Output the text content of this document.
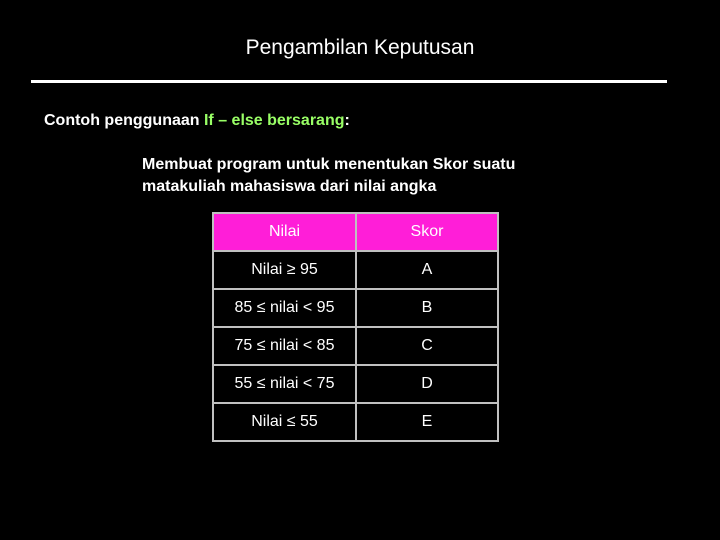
Pengambilan Keputusan
Contoh penggunaan If – else bersarang:
Membuat program untuk menentukan Skor suatu
matakuliah mahasiswa dari nilai angka
Nilai	Skor
Nilai ≥ 95	A
85 ≤ nilai < 95	B
75 ≤ nilai < 85	C
55 ≤ nilai < 75	D
Nilai ≤ 55	E
